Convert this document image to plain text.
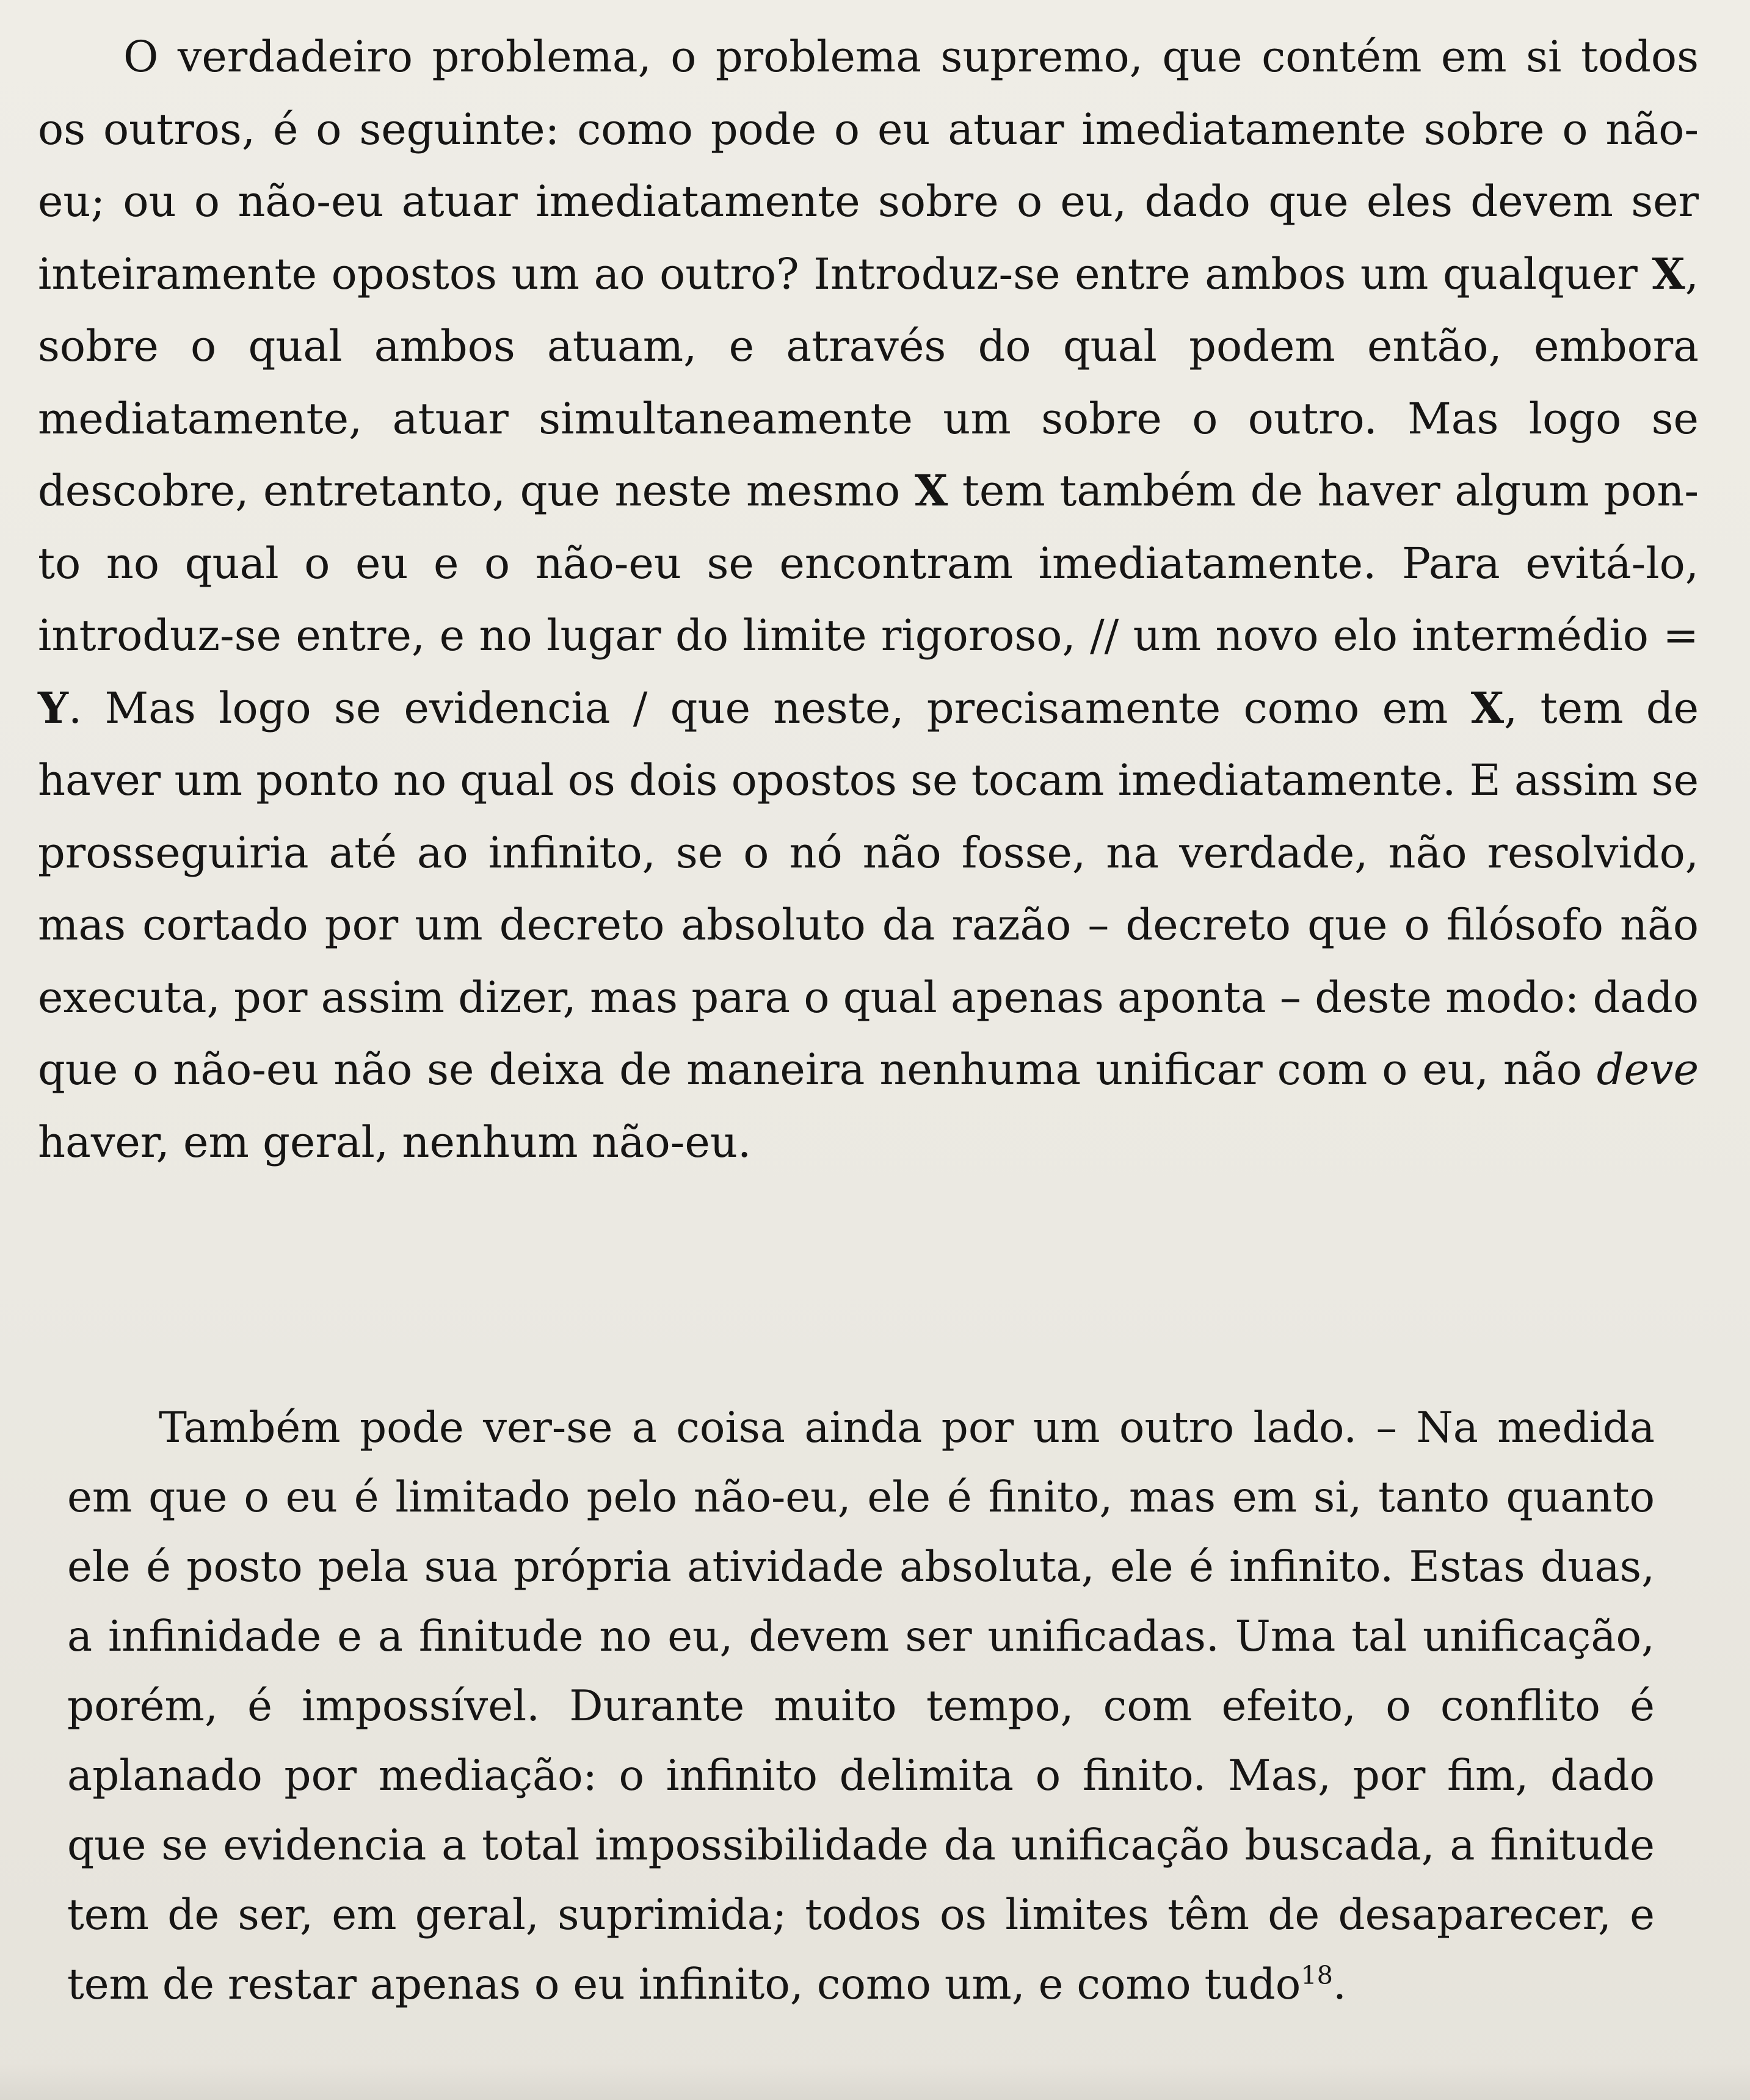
O verdadeiro problema, o problema supremo, que contém em si todos os outros, é o seguinte: como pode o eu atuar imediatamente sobre o não-eu; ou o não-eu atuar imediatamente sobre o eu, dado que eles devem ser inteiramente opostos um ao outro? Introduz-se entre ambos um qualquer X, sobre o qual ambos atuam, e através do qual podem então, embora mediatamente, atuar simultaneamente um sobre o outro. Mas logo se descobre, entretanto, que neste mesmo X tem também de haver algum ponto no qual o eu e o não-eu se encontram imediatamente. Para evitá-lo, introduz-se entre, e no lugar do limite rigoroso, // um novo elo intermédio = Y. Mas logo se evidencia / que neste, precisamente como em X, tem de haver um ponto no qual os dois opostos se tocam imediatamente. E assim se prosseguiria até ao infinito, se o nó não fosse, na verdade, não resolvido, mas cortado por um decreto absoluto da razão – decreto que o filósofo não executa, por assim dizer, mas para o qual apenas aponta – deste modo: dado que o não-eu não se deixa de maneira nenhuma unificar com o eu, não deve haver, em geral, nenhum não-eu.

Também pode ver-se a coisa ainda por um outro lado. – Na medida em que o eu é limitado pelo não-eu, ele é finito, mas em si, tanto quanto ele é posto pela sua própria atividade absoluta, ele é infinito. Estas duas, a infinidade e a finitude no eu, devem ser unificadas. Uma tal unificação, porém, é impossível. Durante muito tempo, com efeito, o conflito é aplanado por mediação: o infinito delimita o finito. Mas, por fim, dado que se evidencia a total impossibilidade da unificação buscada, a finitude tem de ser, em geral, suprimida; todos os limites têm de desaparecer, e tem de restar apenas o eu infinito, como um, e como tudo$^{18}$.
